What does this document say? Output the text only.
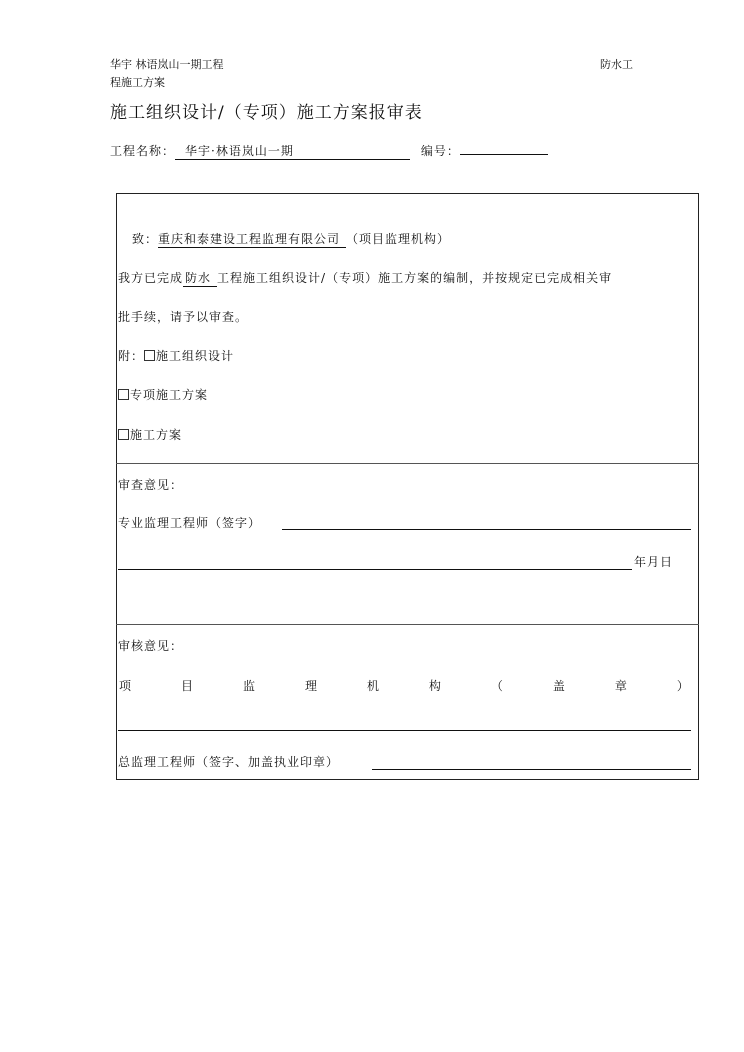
华宇 林语岚山一期工程	防水工
程施工方案
施工组织设计/（专项）施工方案报审表
工程名称： 华宇·林语岚山一期	编号：
致：重庆和泰建设工程监理有限公司 （项目监理机构）
我方已完成 防水 工程施工组织设计/（专项）施工方案的编制，并按规定已完成相关审
批手续，请予以审查。
附： 施工组织设计
专项施工方案
施工方案
审查意见：
专业监理工程师（签字）
年月日
审核意见：
项	目	监	理	机	构	（	盖	章	）
总监理工程师（签字、加盖执业印章）
